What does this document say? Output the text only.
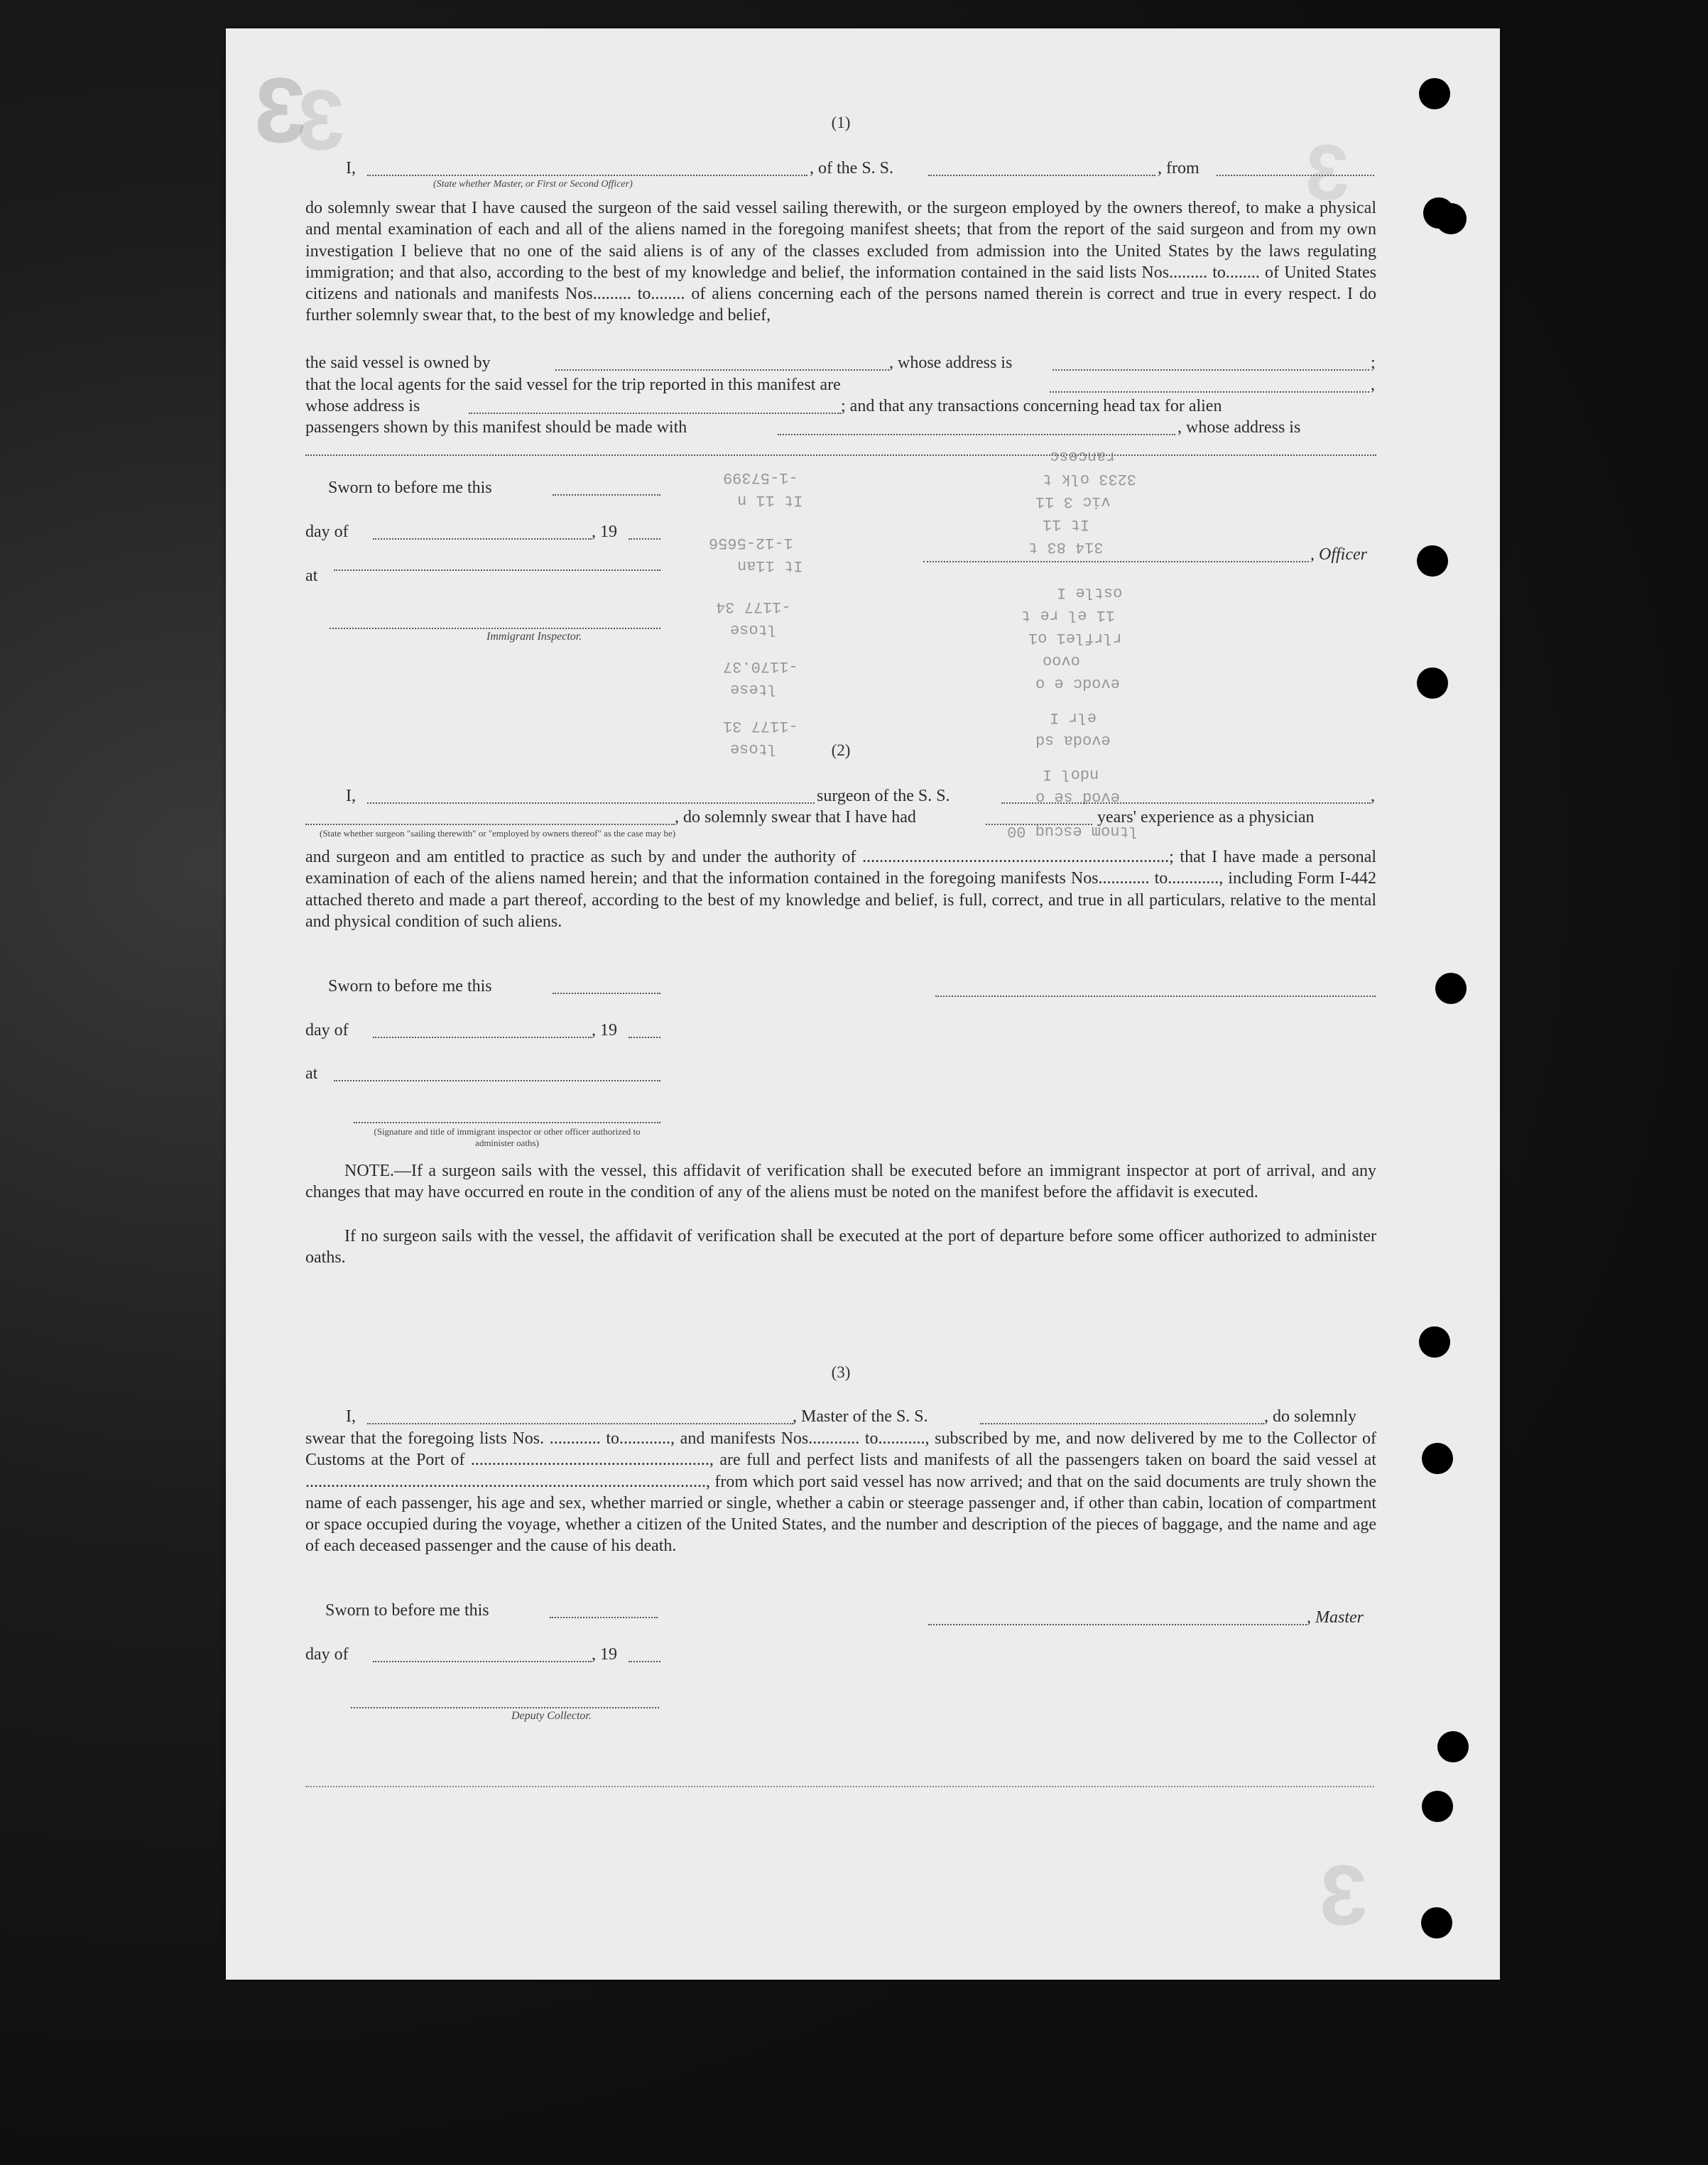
3
3
3
3
-1-57399
It 11 n
1-12-5656
It 11an
-1177 34
ltose
-1170.37
ltese
-1177 31
ltose
rancesc
3233 olk t
vic 3 11
It 11
314 83 t
ostle I
11 el re t
rlrfle1 o1
ovoo
evodc e o
elr I
evoda sd
ndol I
evod se o
ltnom escuq 00
(1)
I,	, of the S. S.	, from
(State whether Master, or First or Second Officer)
do solemnly swear that I have caused the surgeon of the said vessel sailing therewith, or the surgeon employed by the owners thereof, to make a physical and mental examination of each and all of the aliens named in the foregoing manifest sheets; that from the report of the said surgeon and from my own investigation I believe that no one of the said aliens is of any of the classes excluded from admission into the United States by the laws regulating immigration; and that also, according to the best of my knowledge and belief, the information contained in the said lists Nos......... to........ of United States citizens and nationals and manifests Nos......... to........ of aliens concerning each of the persons named therein is correct and true in every respect. I do further solemnly swear that, to the best of my knowledge and belief,
the said vessel is owned by	, whose address is	;
that the local agents for the said vessel for the trip reported in this manifest are	,
whose address is	; and that any transactions concerning head tax for alien
passengers shown by this manifest should be made with	, whose address is
Sworn to before me this
day of	, 19
at
, Officer
Immigrant Inspector.
(2)
I,	surgeon of the S. S.	,
, do solemnly swear that I have had	years' experience as a physician
(State whether surgeon "sailing therewith" or "employed by owners thereof" as the case may be)
and surgeon and am entitled to practice as such by and under the authority of ........................................................................; that I have made a personal examination of each of the aliens named herein; and that the information contained in the foregoing manifests Nos............ to............, including Form I-442 attached thereto and made a part thereof, according to the best of my knowledge and belief, is full, correct, and true in all particulars, relative to the mental and physical condition of such aliens.
Sworn to before me this
day of	, 19
at
(Signature and title of immigrant inspector or other officer authorized to administer oaths)
NOTE.—If a surgeon sails with the vessel, this affidavit of verification shall be executed before an immigrant inspector at port of arrival, and any changes that may have occurred en route in the condition of any of the aliens must be noted on the manifest before the affidavit is executed.
If no surgeon sails with the vessel, the affidavit of verification shall be executed at the port of departure before some officer authorized to administer oaths.
(3)
I,	, Master of the S. S.	, do solemnly
swear that the foregoing lists Nos. ............ to............, and manifests Nos............ to..........., subscribed by me, and now delivered by me to the Collector of Customs at the Port of ........................................................, are full and perfect lists and manifests of all the passengers taken on board the said vessel at .............................................................................................., from which port said vessel has now arrived; and that on the said documents are truly shown the name of each passenger, his age and sex, whether married or single, whether a cabin or steerage passenger and, if other than cabin, location of compartment or space occupied during the voyage, whether a citizen of the United States, and the number and description of the pieces of baggage, and the name and age of each deceased passenger and the cause of his death.
Sworn to before me this	, Master
day of	, 19
Deputy Collector.
